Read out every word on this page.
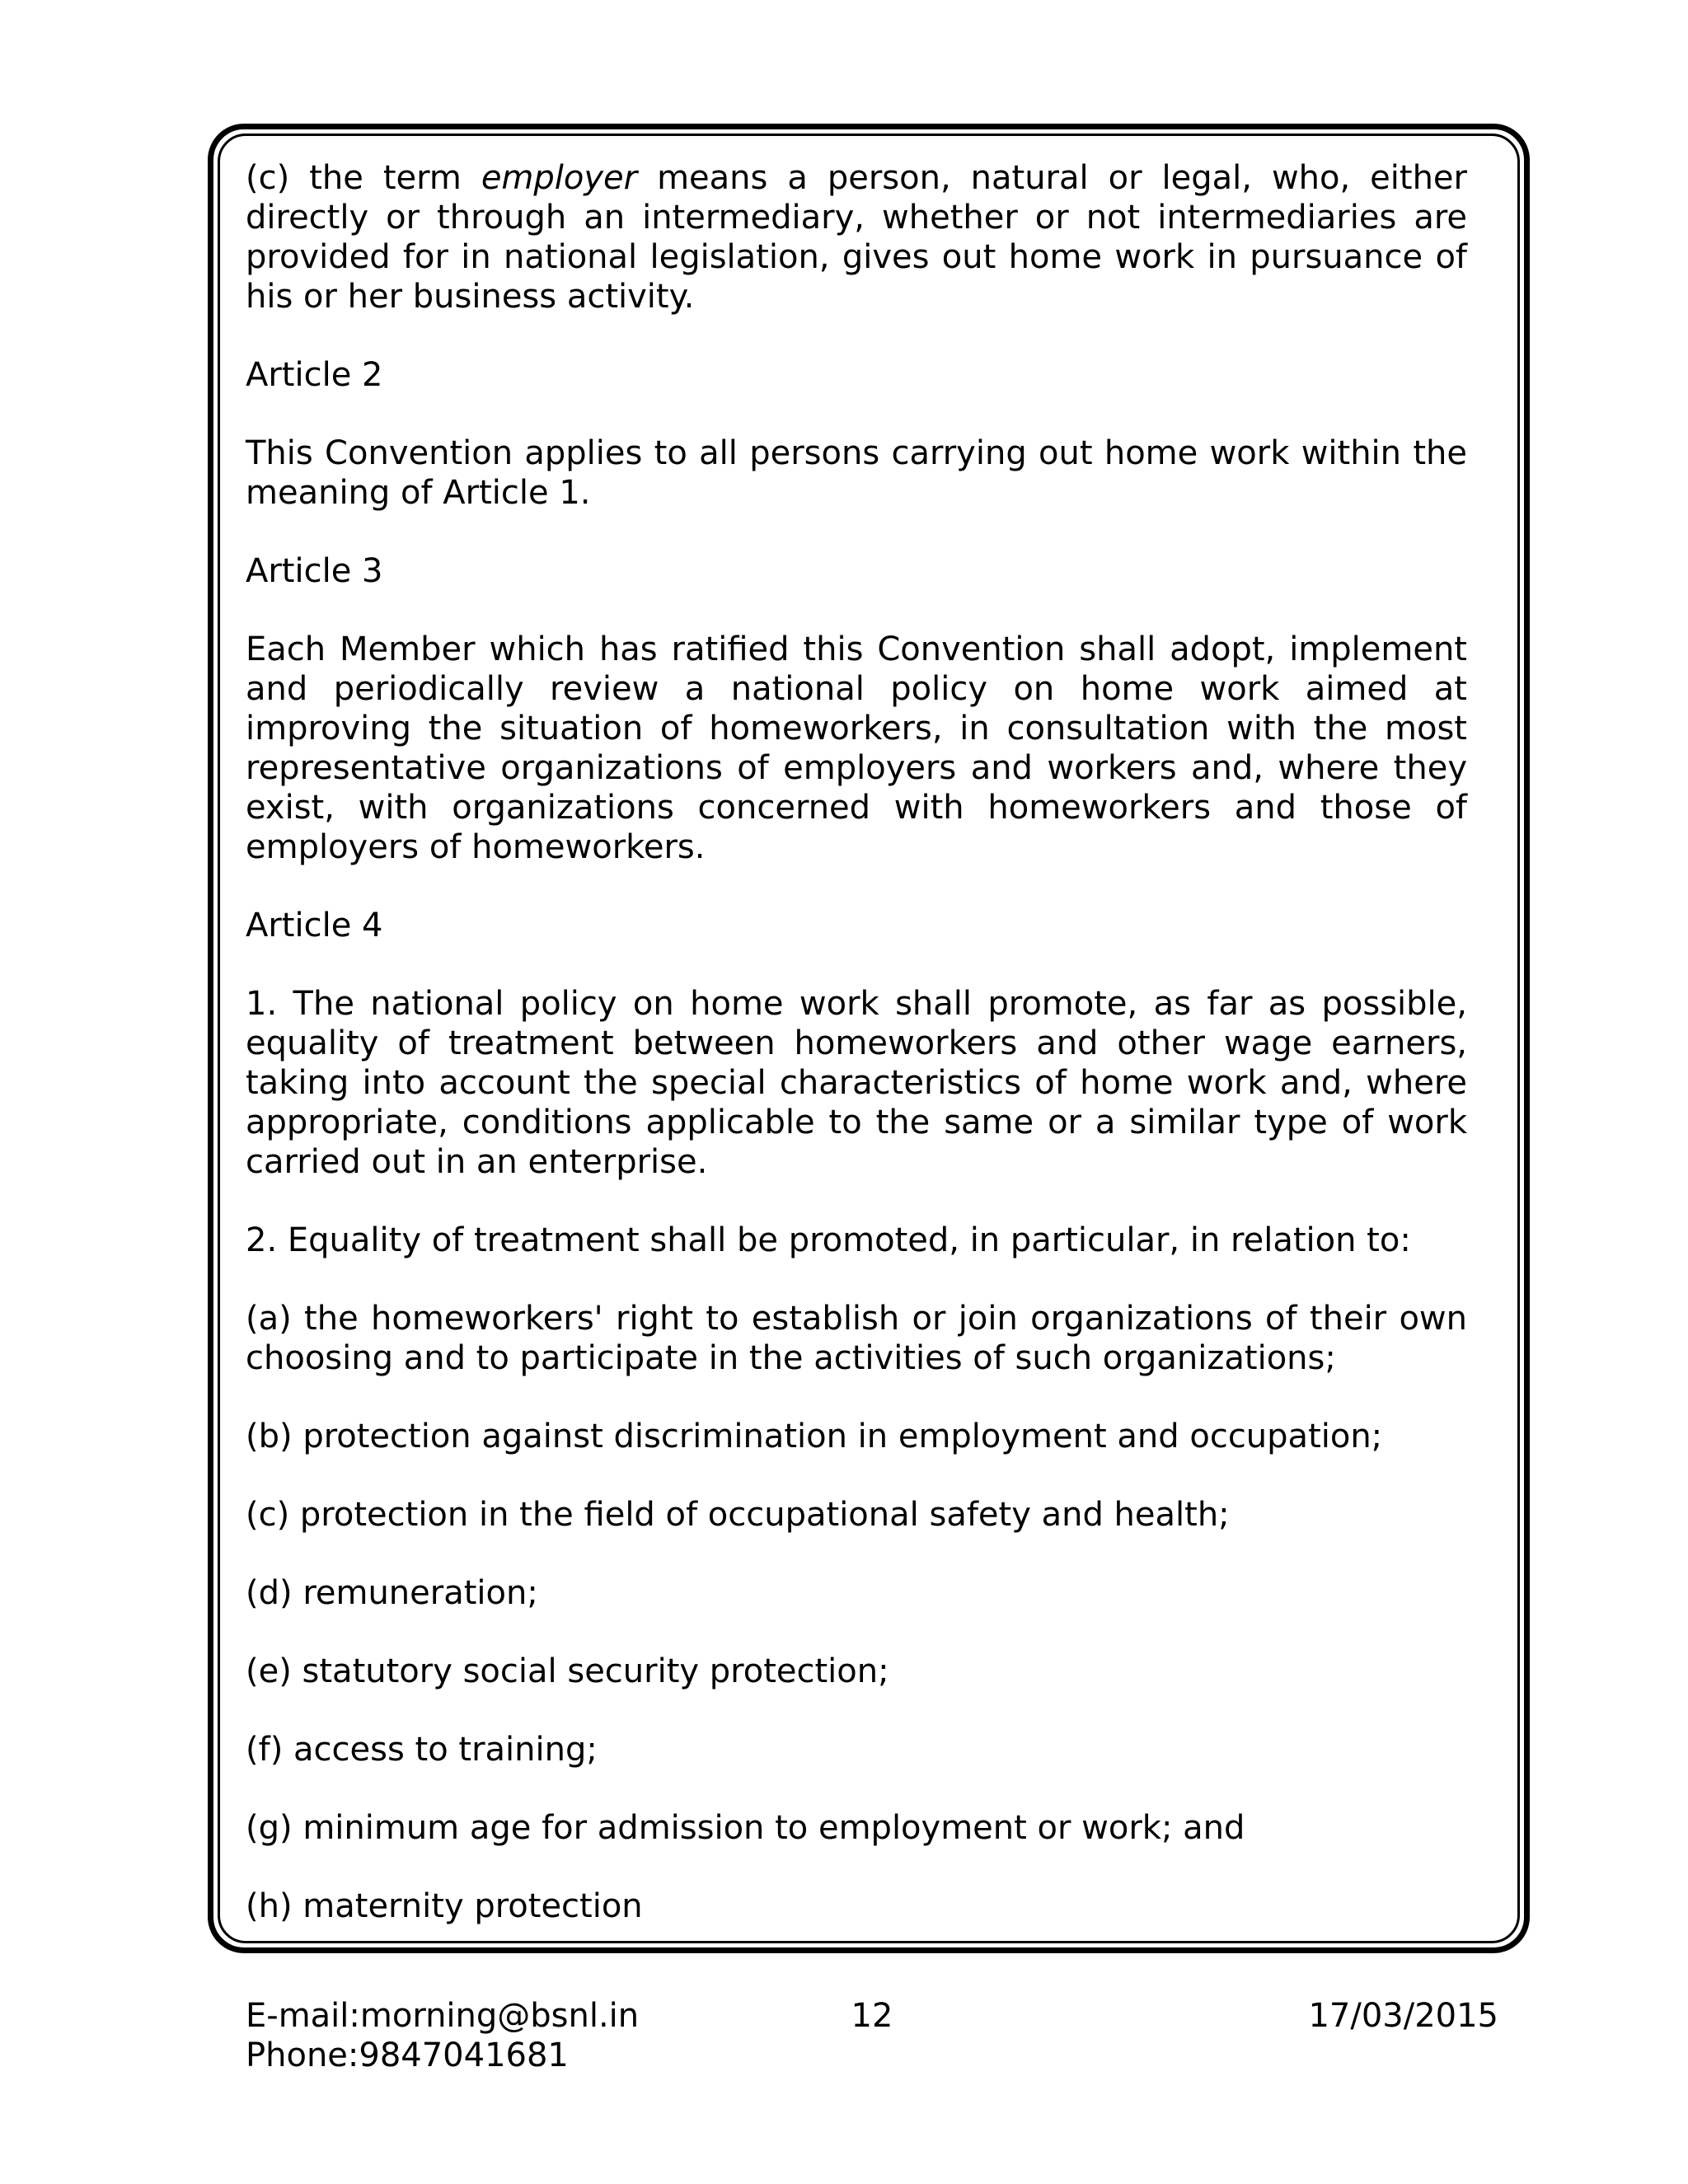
(c) the term employer means a person, natural or legal, who, either directly or through an intermediary, whether or not intermediaries are provided for in national legislation, gives out home work in pursuance of his or her business activity.

Article 2

This Convention applies to all persons carrying out home work within the meaning of Article 1.

Article 3

Each Member which has ratified this Convention shall adopt, implement and periodically review a national policy on home work aimed at improving the situation of homeworkers, in consultation with the most representative organizations of employers and workers and, where they exist, with organizations concerned with homeworkers and those of employers of homeworkers.

Article 4

1. The national policy on home work shall promote, as far as possible, equality of treatment between homeworkers and other wage earners, taking into account the special characteristics of home work and, where appropriate, conditions applicable to the same or a similar type of work carried out in an enterprise.

2. Equality of treatment shall be promoted, in particular, in relation to:

(a) the homeworkers' right to establish or join organizations of their own choosing and to participate in the activities of such organizations;

(b) protection against discrimination in employment and occupation;

(c) protection in the field of occupational safety and health;

(d) remuneration;

(e) statutory social security protection;

(f) access to training;

(g) minimum age for admission to employment or work; and

(h) maternity protection

E-mail:morning@bsnl.in	12	17/03/2015
Phone:9847041681
